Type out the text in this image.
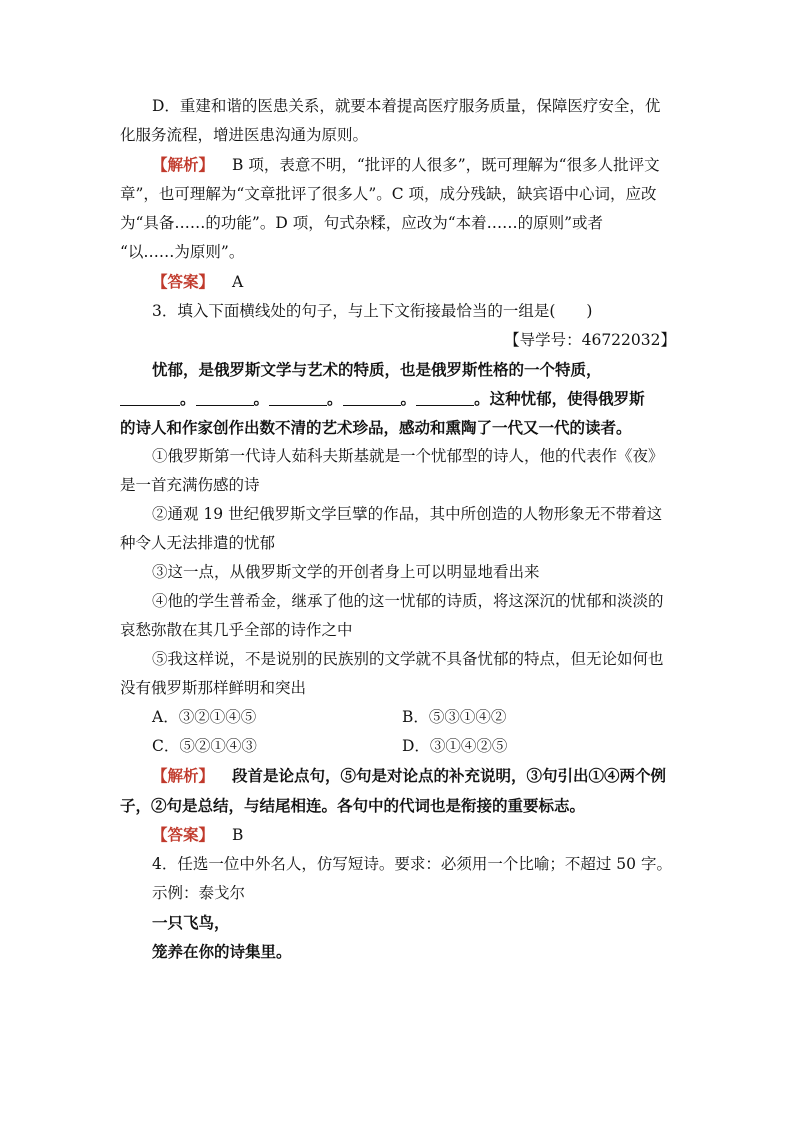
D．重建和谐的医患关系，就要本着提高医疗服务质量，保障医疗安全，优
化服务流程，增进医患沟通为原则。
【解析】 B 项，表意不明，“批评的人很多”，既可理解为“很多人批评文
章”，也可理解为“文章批评了很多人”。C 项，成分残缺，缺宾语中心词，应改
为“具备……的功能”。D 项，句式杂糅，应改为“本着……的原则”或者
“以……为原则”。
【答案】 A
3．填入下面横线处的句子，与上下文衔接最恰当的一组是(　　)
【导学号：46722032】
忧郁，是俄罗斯文学与艺术的特质，也是俄罗斯性格的一个特质，
。	。	。	。	。这种忧郁，使得俄罗斯
的诗人和作家创作出数不清的艺术珍品，感动和熏陶了一代又一代的读者。
①俄罗斯第一代诗人茹科夫斯基就是一个忧郁型的诗人，他的代表作《夜》
是一首充满伤感的诗
②通观 19 世纪俄罗斯文学巨擘的作品，其中所创造的人物形象无不带着这
种令人无法排遣的忧郁
③这一点，从俄罗斯文学的开创者身上可以明显地看出来
④他的学生普希金，继承了他的这一忧郁的诗质，将这深沉的忧郁和淡淡的
哀愁弥散在其几乎全部的诗作之中
⑤我这样说，不是说别的民族别的文学就不具备忧郁的特点，但无论如何也
没有俄罗斯那样鲜明和突出
A．③②①④⑤	B．⑤③①④②
C．⑤②①④③	D．③①④②⑤
【解析】 段首是论点句，⑤句是对论点的补充说明，③句引出①④两个例
子，②句是总结，与结尾相连。各句中的代词也是衔接的重要标志。
【答案】 B
4．任选一位中外名人，仿写短诗。要求：必须用一个比喻；不超过 50 字。
示例：泰戈尔
一只飞鸟，
笼养在你的诗集里。
